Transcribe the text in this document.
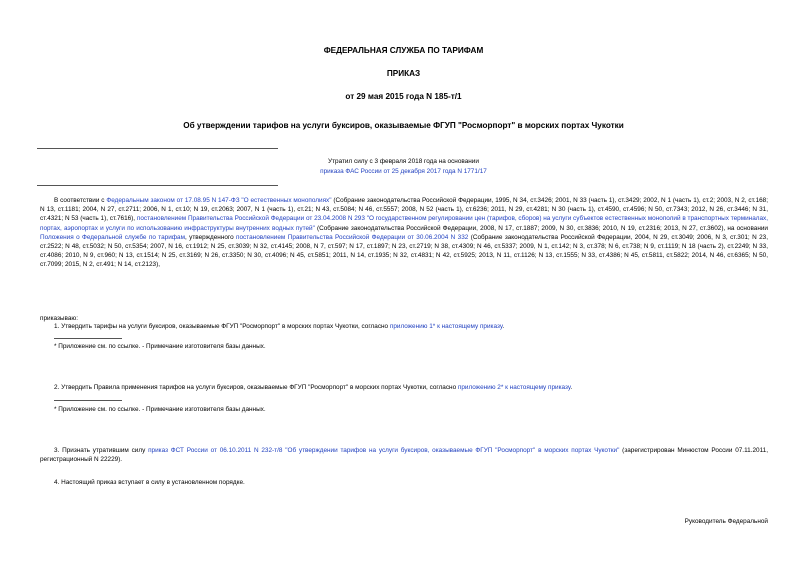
ФЕДЕРАЛЬНАЯ СЛУЖБА ПО ТАРИФАМ
ПРИКАЗ
от 29 мая 2015 года N 185-т/1
Об утверждении тарифов на услуги буксиров, оказываемые ФГУП "Росморпорт" в морских портах Чукотки
Утратил силу с 3 февраля 2018 года на основании
приказа ФАС России от 25 декабря 2017 года N 1771/17
В соответствии с Федеральным законом от 17.08.95 N 147-ФЗ "О естественных монополиях" (Собрание законодательства Российской Федерации, 1995, N 34, ст.3426; 2001, N 33 (часть 1), ст.3429; 2002, N 1 (часть 1), ст.2; 2003, N 2, ст.168; N 13, ст.1181; 2004, N 27, ст.2711; 2006, N 1, ст.10; N 19, ст.2063; 2007, N 1 (часть 1), ст.21; N 43, ст.5084; N 46, ст.5557; 2008, N 52 (часть 1), ст.6236; 2011, N 29, ст.4281; N 30 (часть 1), ст.4590, ст.4596; N 50, ст.7343; 2012, N 26, ст.3446; N 31, ст.4321; N 53 (часть 1), ст.7616), постановлением Правительства Российской Федерации от 23.04.2008 N 293 "О государственном регулировании цен (тарифов, сборов) на услуги субъектов естественных монополий в транспортных терминалах, портах, аэропортах и услуги по использованию инфраструктуры внутренних водных путей" (Собрание законодательства Российской Федерации, 2008, N 17, ст.1887; 2009, N 30, ст.3836; 2010, N 19, ст.2316; 2013, N 27, ст.3602), на основании Положения о Федеральной службе по тарифам, утвержденного постановлением Правительства Российской Федерации от 30.06.2004 N 332 (Собрание законодательства Российской Федерации, 2004, N 29, ст.3049; 2006, N 3, ст.301; N 23, ст.2522; N 48, ст.5032; N 50, ст.5354; 2007, N 16, ст.1912; N 25, ст.3039; N 32, ст.4145; 2008, N 7, ст.597; N 17, ст.1897; N 23, ст.2719; N 38, ст.4309; N 46, ст.5337; 2009, N 1, ст.142; N 3, ст.378; N 6, ст.738; N 9, ст.1119; N 18 (часть 2), ст.2249; N 33, ст.4086; 2010, N 9, ст.960; N 13, ст.1514; N 25, ст.3169; N 26, ст.3350; N 30, ст.4096; N 45, ст.5851; 2011, N 14, ст.1935; N 32, ст.4831; N 42, ст.5925; 2013, N 11, ст.1126; N 13, ст.1555; N 33, ст.4386; N 45, ст.5811, ст.5822; 2014, N 46, ст.6365; N 50, ст.7099; 2015, N 2, ст.491; N 14, ст.2123),
приказываю:
1. Утвердить тарифы на услуги буксиров, оказываемые ФГУП "Росморпорт" в морских портах Чукотки, согласно приложению 1* к настоящему приказу.
* Приложение см. по ссылке. - Примечание изготовителя базы данных.
2. Утвердить Правила применения тарифов на услуги буксиров, оказываемые ФГУП "Росморпорт" в морских портах Чукотки, согласно приложению 2* к настоящему приказу.
* Приложение см. по ссылке. - Примечание изготовителя базы данных.
3. Признать утратившим силу приказ ФСТ России от 06.10.2011 N 232-т/8 "Об утверждении тарифов на услуги буксиров, оказываемые ФГУП "Росморпорт" в морских портах Чукотки" (зарегистрирован Минюстом России 07.11.2011, регистрационный N 22229).
4. Настоящий приказ вступает в силу в установленном порядке.
Руководитель Федеральной
